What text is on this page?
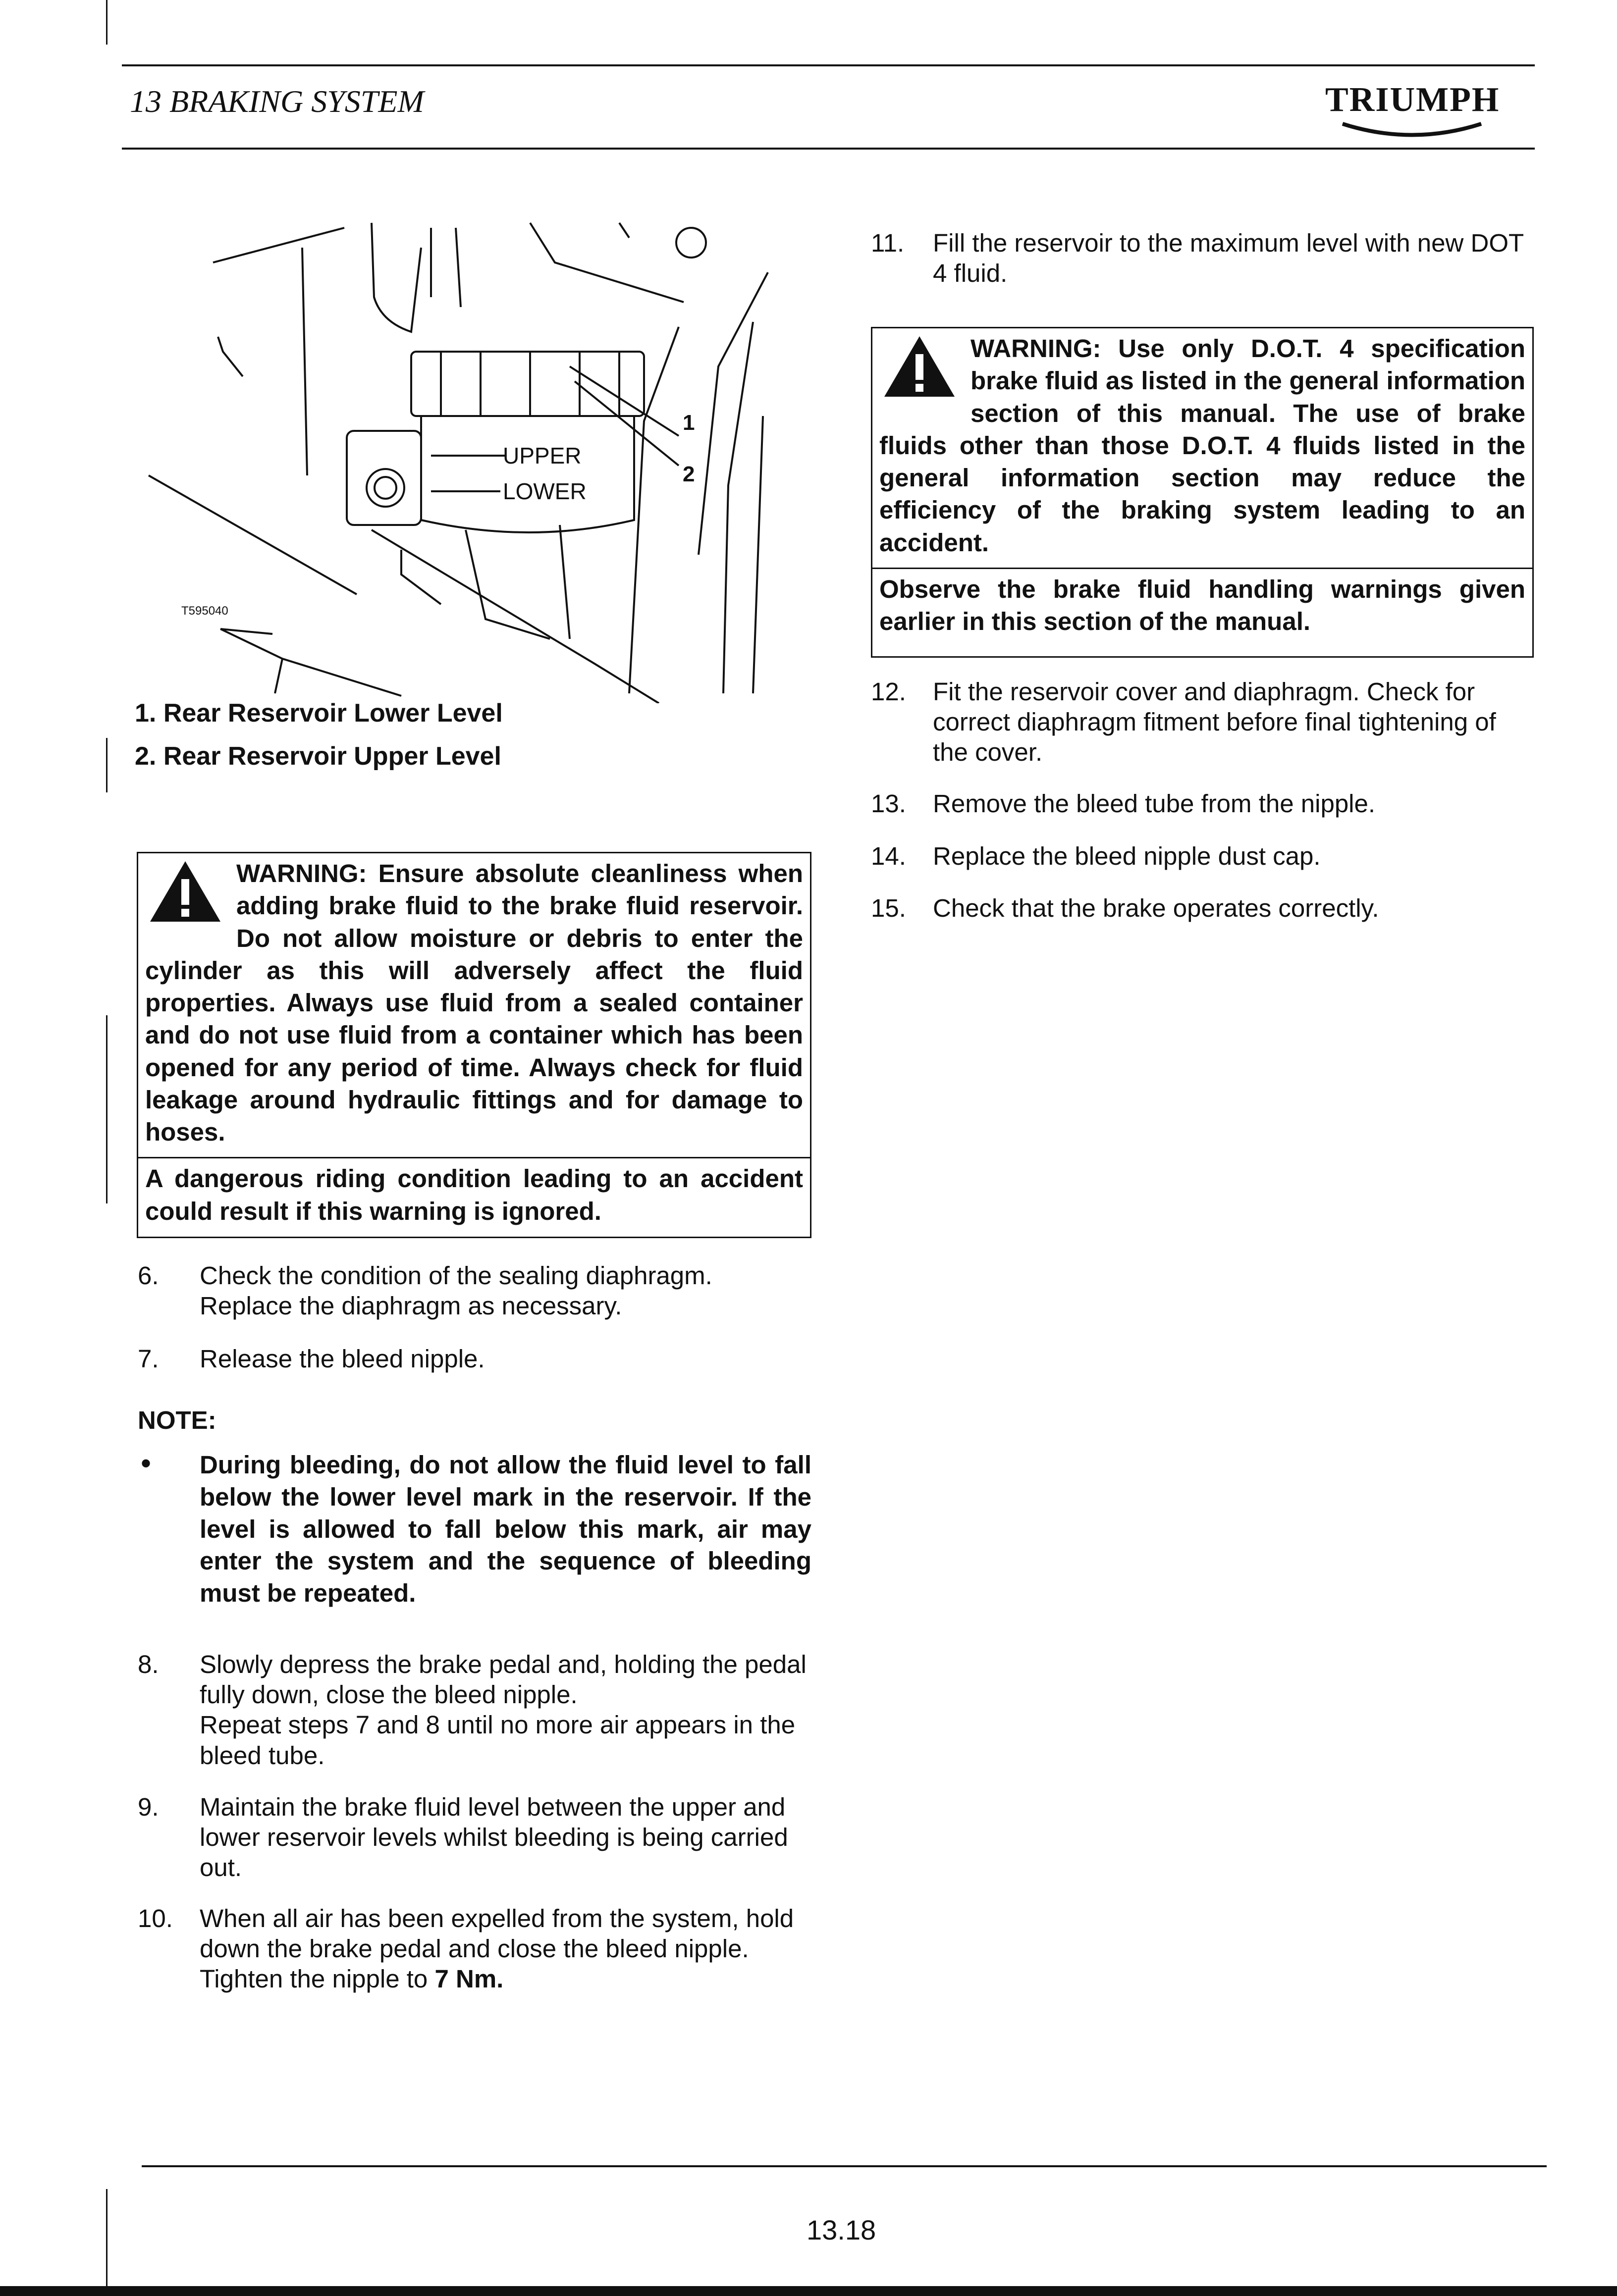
13 BRAKING SYSTEM	TRIUMPH
UPPER
LOWER
1
2
T595040
1. Rear Reservoir Lower Level
2. Rear Reservoir Upper Level
WARNING: Ensure absolute cleanliness when adding brake fluid to the brake fluid reservoir. Do not allow moisture or debris to enter the cylinder as this will adversely affect the fluid properties. Always use fluid from a sealed container and do not use fluid from a container which has been opened for any period of time. Always check for fluid leakage around hydraulic fittings and for damage to hoses.
A dangerous riding condition leading to an accident could result if this warning is ignored.
6. Check the condition of the sealing diaphragm. Replace the diaphragm as necessary.
7. Release the bleed nipple.
NOTE:
• During bleeding, do not allow the fluid level to fall below the lower level mark in the reservoir. If the level is allowed to fall below this mark, air may enter the system and the sequence of bleeding must be repeated.
8. Slowly depress the brake pedal and, holding the pedal fully down, close the bleed nipple.
Repeat steps 7 and 8 until no more air appears in the bleed tube.
9. Maintain the brake fluid level between the upper and lower reservoir levels whilst bleeding is being carried out.
10. When all air has been expelled from the system, hold down the brake pedal and close the bleed nipple. Tighten the nipple to 7 Nm.
11. Fill the reservoir to the maximum level with new DOT 4 fluid.
WARNING: Use only D.O.T. 4 specification brake fluid as listed in the general information section of this manual. The use of brake fluids other than those D.O.T. 4 fluids listed in the general information section may reduce the efficiency of the braking system leading to an accident.
Observe the brake fluid handling warnings given earlier in this section of the manual.
12. Fit the reservoir cover and diaphragm. Check for correct diaphragm fitment before final tightening of the cover.
13. Remove the bleed tube from the nipple.
14. Replace the bleed nipple dust cap.
15. Check that the brake operates correctly.
13.18
